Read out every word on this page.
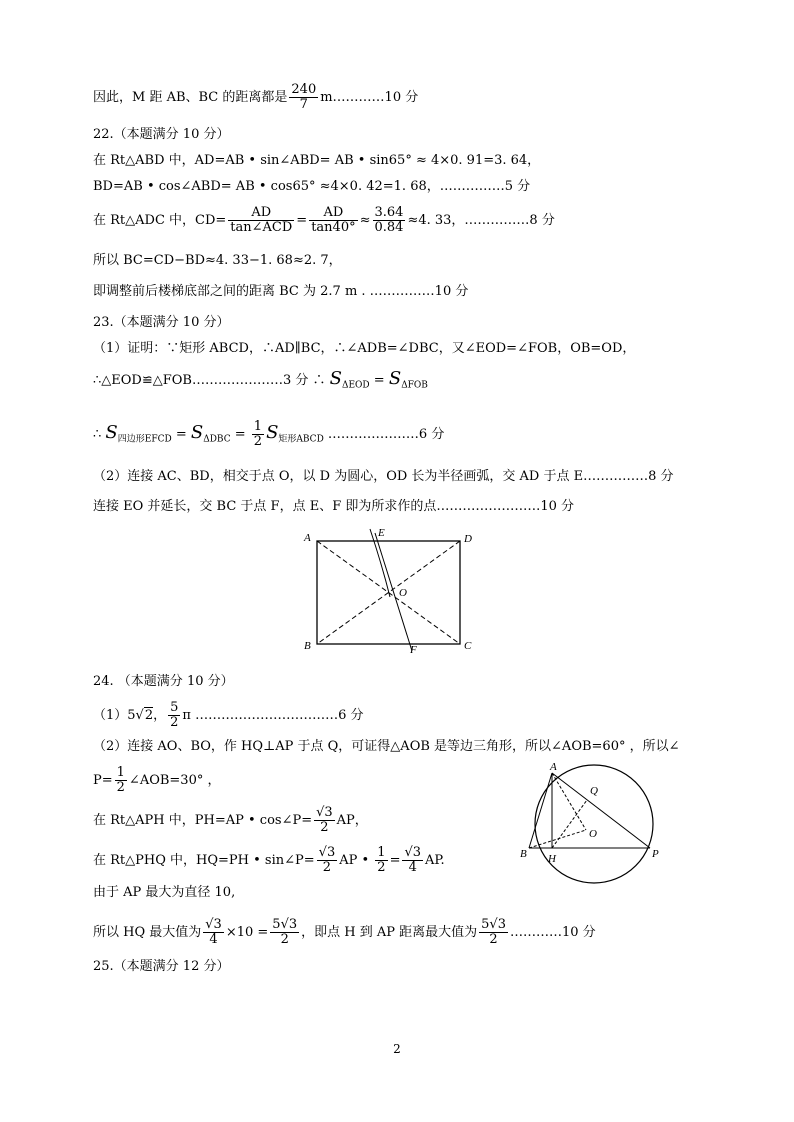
因此，M 距 AB、BC 的距离都是 $\frac{240}{7}$ m…………10 分
22.（本题满分 10 分）
在 Rt△ABD 中，AD=AB • sin∠ABD= AB • sin65° ≈ 4×0. 91=3. 64，
BD=AB • cos∠ABD= AB • cos65° ≈4×0. 42=1. 68，……………5 分
在 Rt△ADC 中，$CD= \frac{AD}{\text{tan∠ACD}} = \frac{AD}{\tan 40^\circ} \approx \frac{3.64}{0.84} \approx 4$. 33，……………8 分
所以 BC=CD−BD≈4. 33−1. 68≈2. 7，
即调整前后楼梯底部之间的距离 BC 为 2.7 m . ……………10 分
23.（本题满分 10 分）
（1）证明：∵矩形 ABCD，∴AD∥BC，∴∠ADB=∠DBC，又∠EOD=∠FOB，OB=OD，
∴△EOD≌△FOB…………………3 分 ∴ $S_{\Delta EOD} = S_{\Delta FOB}$
∴ $S_{四边形EFCD} = S_{\Delta DBC} = \frac{1}{2} S_{矩形ABCD}$ …………………6 分
（2）连接 AC、BD，相交于点 O，以 D 为圆心，OD 长为半径画弧，交 AD 于点 E……………8 分
连接 EO 并延长，交 BC 于点 F，点 E、F 即为所求作的点……………………10 分
A	E	D
O
B	C
F
24. （本题满分 10 分）
（1）5√2， $\frac{5}{2}$ π ……………………………6 分
（2）连接 AO、BO，作 HQ⊥AP 于点 Q，可证得△AOB 是等边三角形，所以∠AOB=60° ，所以∠
$P= \frac{1}{2}$ ∠AOB=30° ，
在 Rt△APH 中，PH=AP • cos∠P= $\frac{√3}{2}$ AP，
在 Rt△PHQ 中，HQ=PH • sin∠P= $\frac{√3}{2}$ AP • $\frac{1}{2} = \frac{√3}{4}$ AP.
由于 AP 最大为直径 10,
所以 HQ 最大值为 $\frac{√3}{4} \times 10 = \frac{5√3}{2}$ ，即点 H 到 AP 距离最大值为 $\frac{5√3}{2}$ …………10 分
A
Q
O
B H	P
25.（本题满分 12 分）
2
